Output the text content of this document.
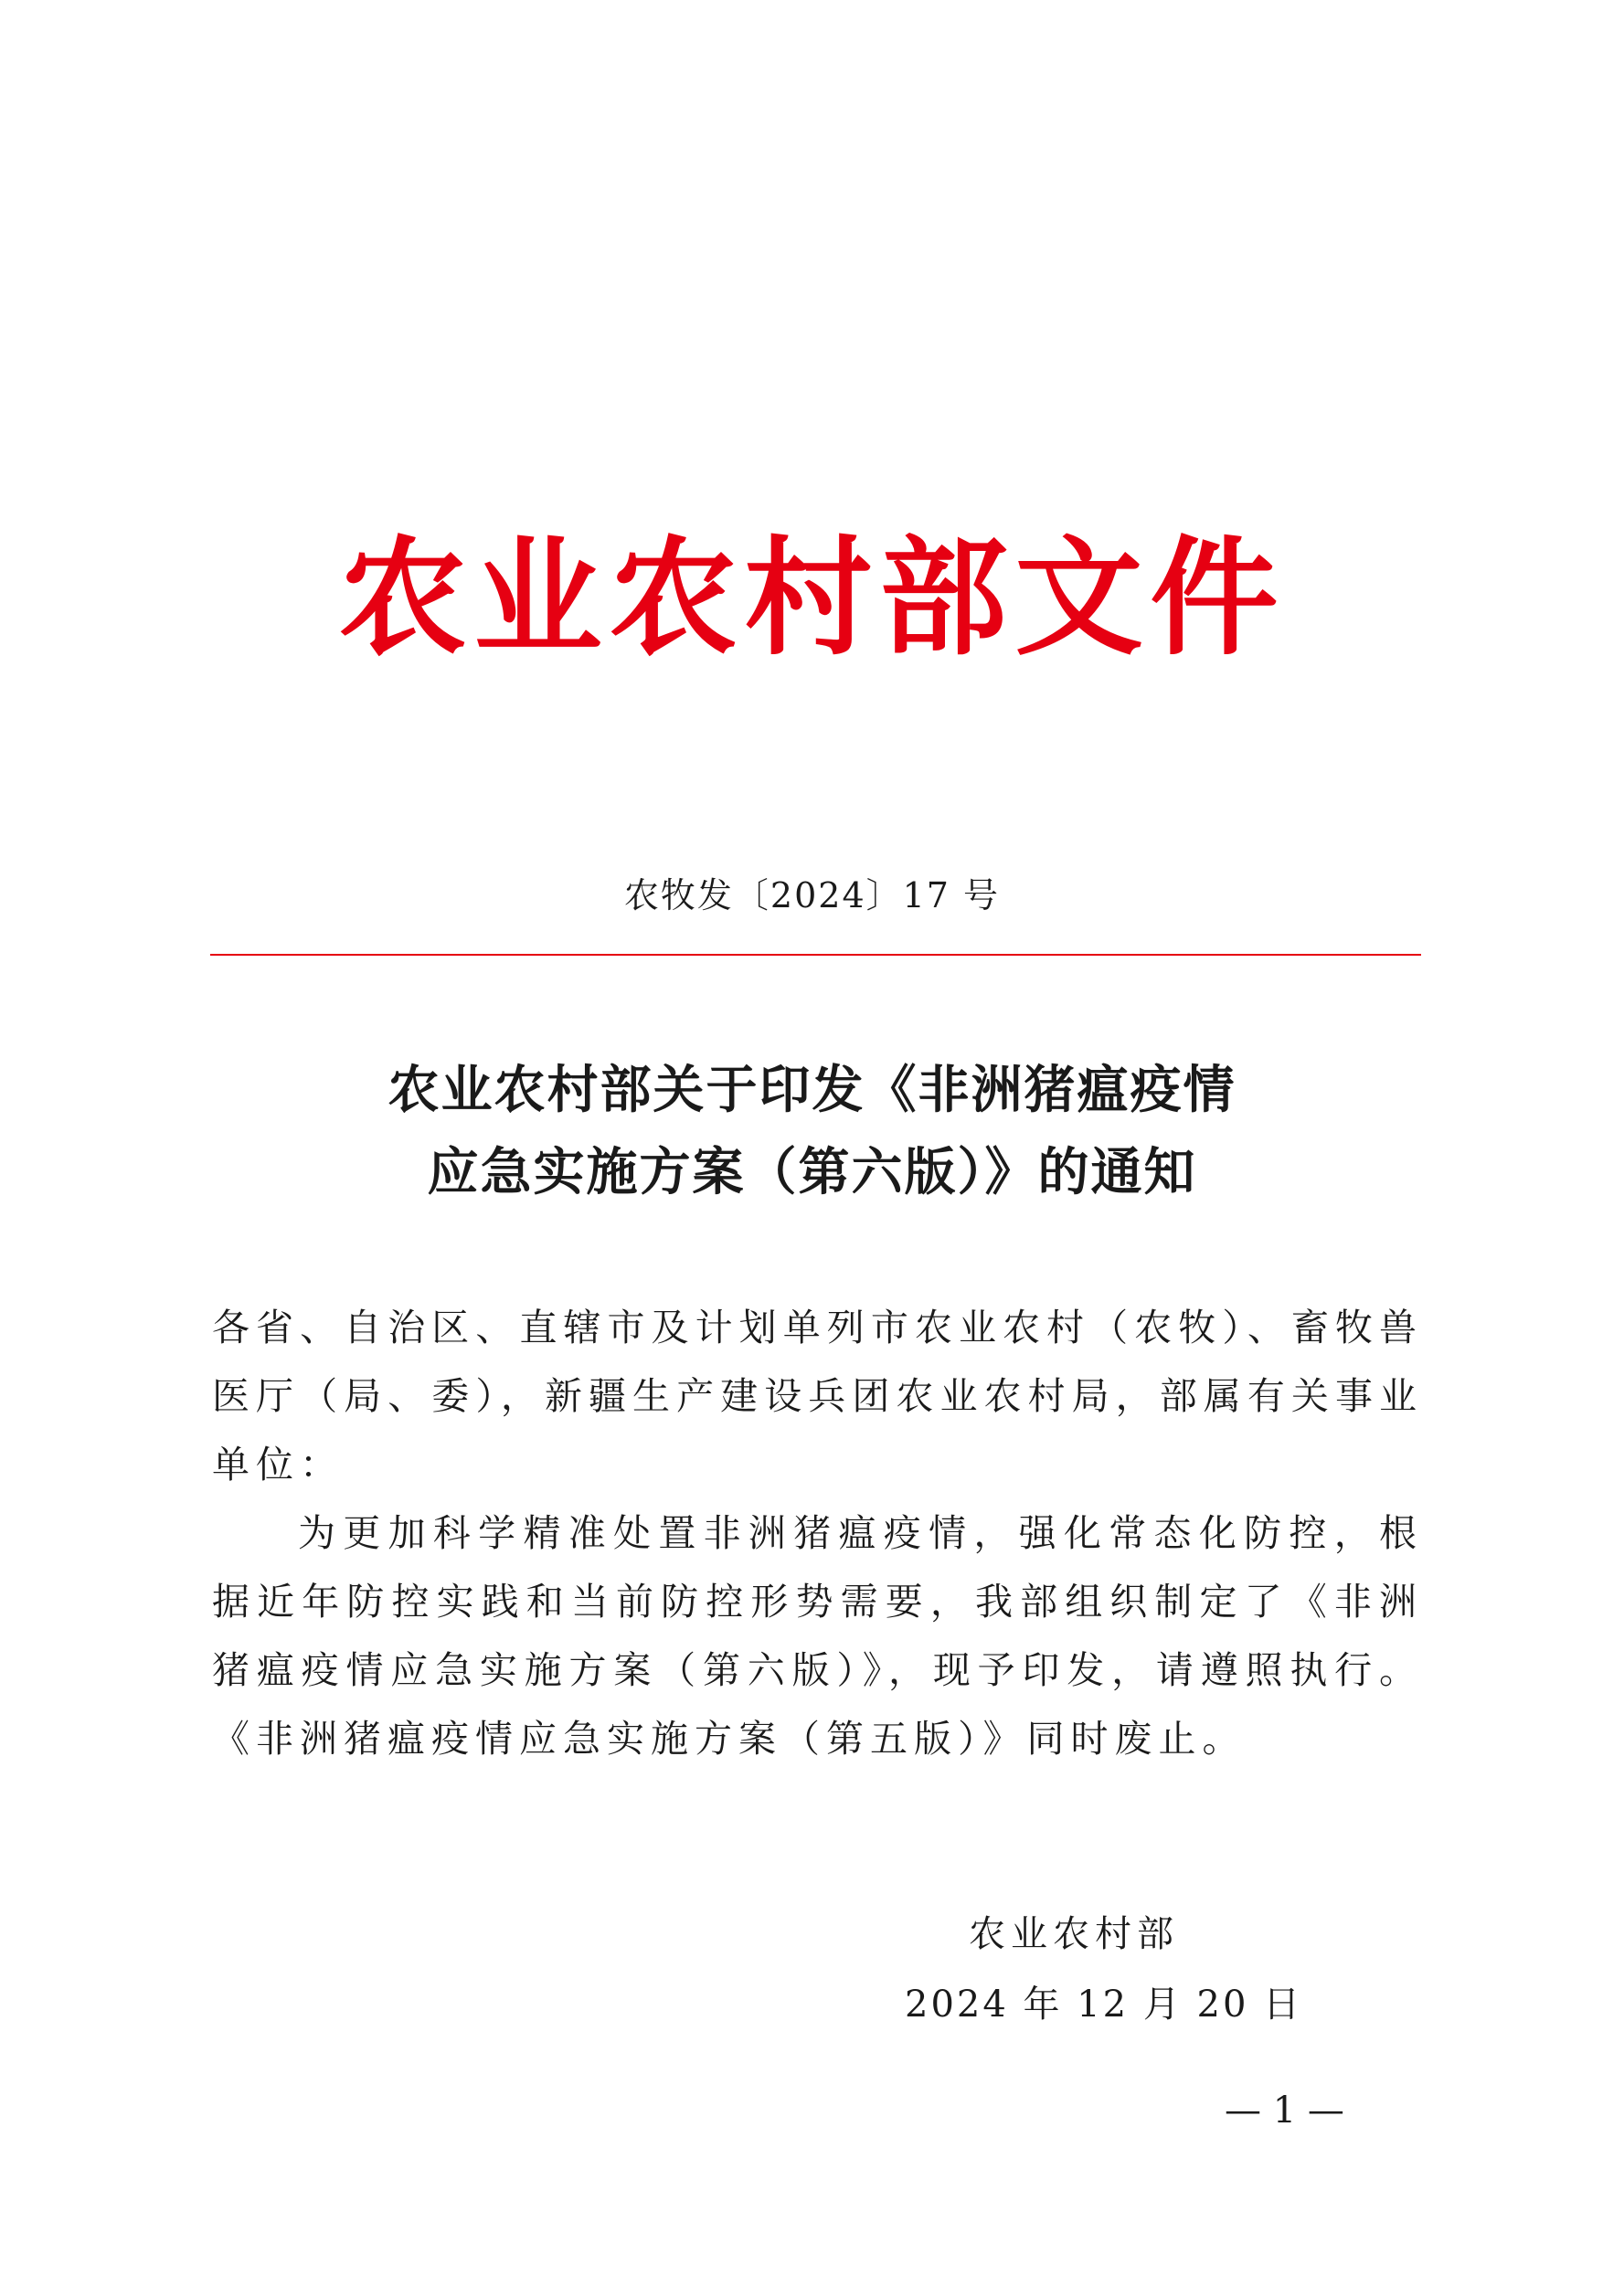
农业农村部文件
农牧发〔2024〕17 号
农业农村部关于印发《非洲猪瘟疫情
应急实施方案（第六版）》的通知

各省、自治区、直辖市及计划单列市农业农村（农牧）、畜牧兽医厅（局、委），新疆生产建设兵团农业农村局，部属有关事业单位：

为更加科学精准处置非洲猪瘟疫情，强化常态化防控，根据近年防控实践和当前防控形势需要，我部组织制定了《非洲猪瘟疫情应急实施方案（第六版）》，现予印发，请遵照执行。《非洲猪瘟疫情应急实施方案（第五版）》同时废止。

农业农村部
2024 年 12 月 20 日
— 1 —
